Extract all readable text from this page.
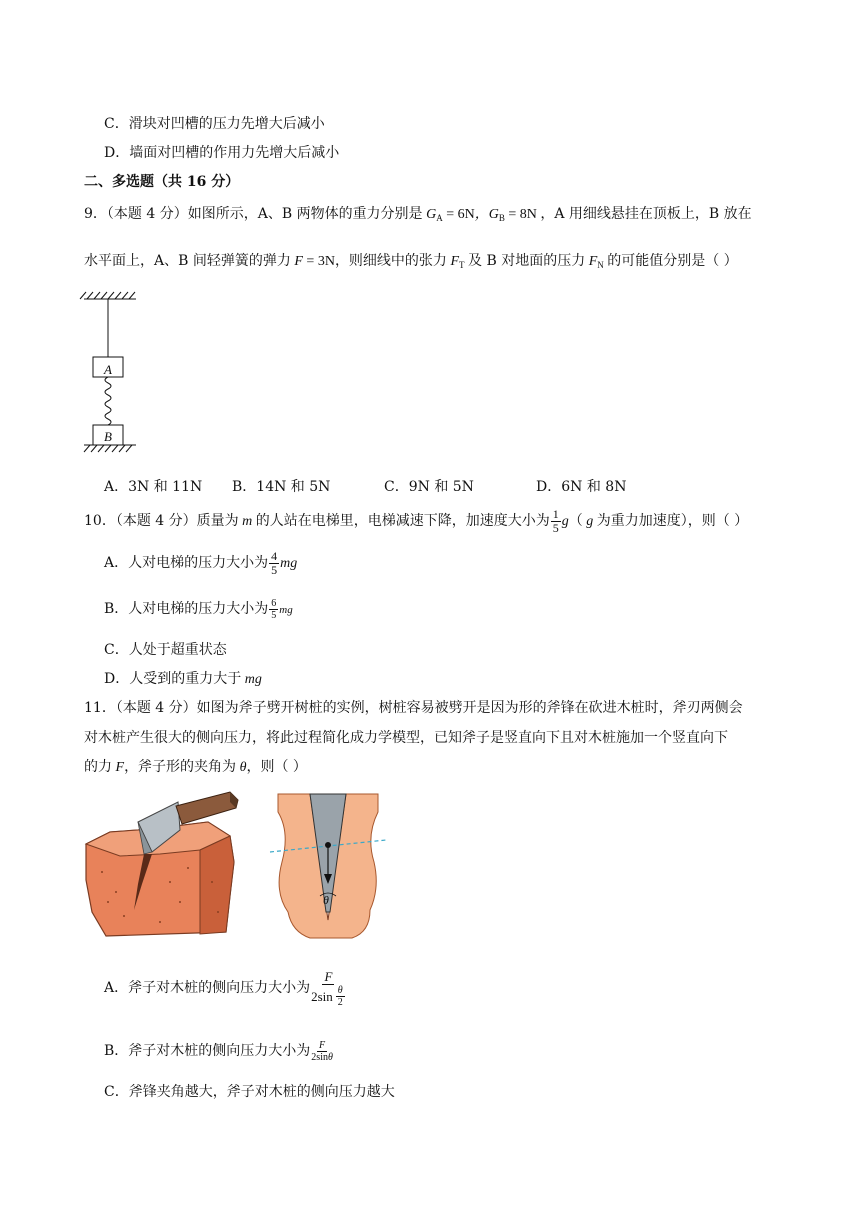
C．滑块对凹槽的压力先增大后减小
D．墙面对凹槽的作用力先增大后减小
二、多选题（共 16 分）
9．（本题 4 分）如图所示，A、B 两物体的重力分别是 $G_A = 6N$，$G_B = 8N$ ，A 用细线悬挂在顶板上，B 放在
水平面上，A、B 间轻弹簧的弹力 F = 3N，则细线中的张力 $F_T$ 及 B 对地面的压力 $F_N$ 的可能值分别是（ ）
A
B
A．3N 和 11N B．14N 和 5N	C．9N 和 5N	D．6N 和 8N
10．（本题 4 分）质量为 m 的人站在电梯里，电梯减速下降，加速度大小为 $\frac{1}{5} g$（ g 为重力加速度），则（ ）
A．人对电梯的压力大小为 $\frac{4}{5}$ mg
B．人对电梯的压力大小为 $\frac{6}{5}$ mg
C．人处于超重状态
D．人受到的重力大于 mg
11．（本题 4 分）如图为斧子劈开树桩的实例，树桩容易被劈开是因为形的斧锋在砍进木桩时，斧刃两侧会
对木桩产生很大的侧向压力，将此过程简化成力学模型，已知斧子是竖直向下且对木桩施加一个竖直向下
的力 F，斧子形的夹角为 θ，则（ ）
θ
A．斧子对木桩的侧向压力大小为 $\frac{F}{2\sin \frac{\theta}{2}}$
B．斧子对木桩的侧向压力大小为 $\frac{F}{2\sin\theta}$
C．斧锋夹角越大，斧子对木桩的侧向压力越大
